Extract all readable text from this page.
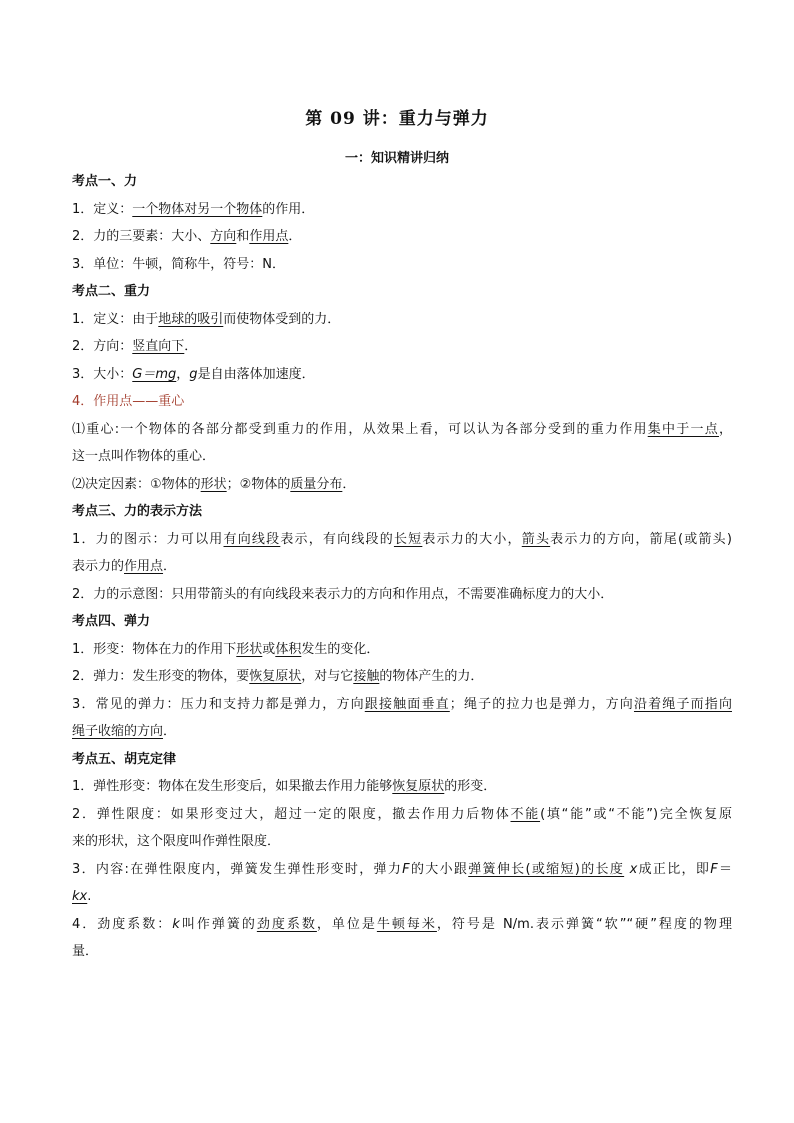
第 09 讲：重力与弹力
一：知识精讲归纳
考点一、力
1．定义：一个物体对另一个物体的作用．
2．力的三要素：大小、方向和作用点．
3．单位：牛顿，简称牛，符号：N．
考点二、重力
1．定义：由于地球的吸引而使物体受到的力．
2．方向：竖直向下．
3．大小：G＝mg，g是自由落体加速度．
4．作用点——重心
⑴重心:一个物体的各部分都受到重力的作用，从效果上看，可以认为各部分受到的重力作用集中于一点，
这一点叫作物体的重心．
⑵决定因素：①物体的形状；②物体的质量分布．
考点三、力的表示方法
1．力的图示：力可以用有向线段表示，有向线段的长短表示力的大小，箭头表示力的方向，箭尾(或箭头)
表示力的作用点．
2．力的示意图：只用带箭头的有向线段来表示力的方向和作用点，不需要准确标度力的大小．
考点四、弹力
1．形变：物体在力的作用下形状或体积发生的变化．
2．弹力：发生形变的物体，要恢复原状，对与它接触的物体产生的力．
3．常见的弹力：压力和支持力都是弹力，方向跟接触面垂直；绳子的拉力也是弹力，方向沿着绳子而指向
绳子收缩的方向．
考点五、胡克定律
1．弹性形变：物体在发生形变后，如果撤去作用力能够恢复原状的形变．
2．弹性限度：如果形变过大，超过一定的限度，撤去作用力后物体不能(填“能”或“不能”)完全恢复原
来的形状，这个限度叫作弹性限度．
3．内容:在弹性限度内，弹簧发生弹性形变时，弹力F的大小跟弹簧伸长(或缩短)的长度 x成正比，即F＝
kx.
4．劲度系数：k叫作弹簧的劲度系数，单位是牛顿每米，符号是 N/m.表示弹簧“软”“硬”程度的物理
量．
